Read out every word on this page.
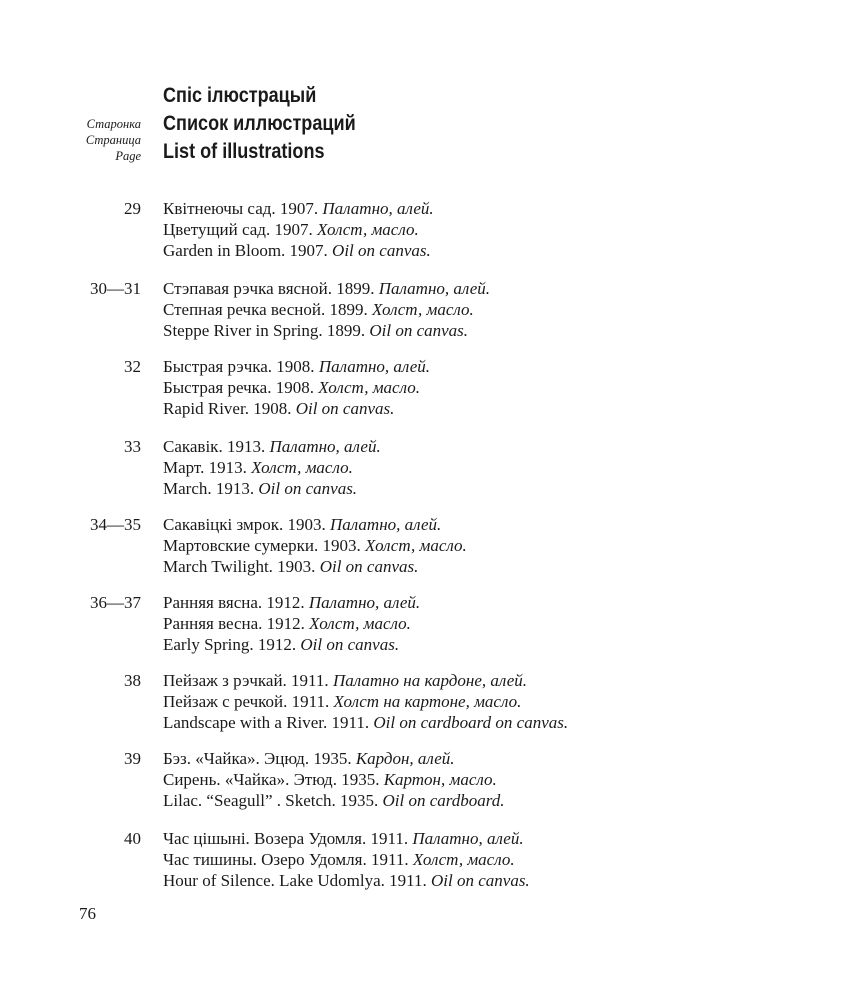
Старонка
Страница
Page
Спіс ілюстрацый
Список иллюстраций
List of illustrations
29 Квітнеючы сад. 1907. Палатно, алей.
Цветущий сад. 1907. Холст, масло.
Garden in Bloom. 1907. Oil on canvas.
30—31 Стэпавая рэчка вясной. 1899. Палатно, алей.
Степная речка весной. 1899. Холст, масло.
Steppe River in Spring. 1899. Oil on canvas.
32 Быстрая рэчка. 1908. Палатно, алей.
Быстрая речка. 1908. Холст, масло.
Rapid River. 1908. Oil on canvas.
33 Сакавік. 1913. Палатно, алей.
Март. 1913. Холст, масло.
March. 1913. Oil on canvas.
34—35 Сакавіцкі змрок. 1903. Палатно, алей.
Мартовские сумерки. 1903. Холст, масло.
March Twilight. 1903. Oil on canvas.
36—37 Ранняя вясна. 1912. Палатно, алей.
Ранняя весна. 1912. Холст, масло.
Early Spring. 1912. Oil on canvas.
38 Пейзаж з рэчкай. 1911. Палатно на кардоне, алей.
Пейзаж с речкой. 1911. Холст на картоне, масло.
Landscape with a River. 1911. Oil on cardboard on canvas.
39 Бэз. «Чайка». Эцюд. 1935. Кардон, алей.
Сирень. «Чайка». Этюд. 1935. Картон, масло.
Lilac. “Seagull” . Sketch. 1935. Oil on cardboard.
40 Час цішыні. Возера Удомля. 1911. Палатно, алей.
Час тишины. Озеро Удомля. 1911. Холст, масло.
Hour of Silence. Lake Udomlya. 1911. Oil on canvas.
76
